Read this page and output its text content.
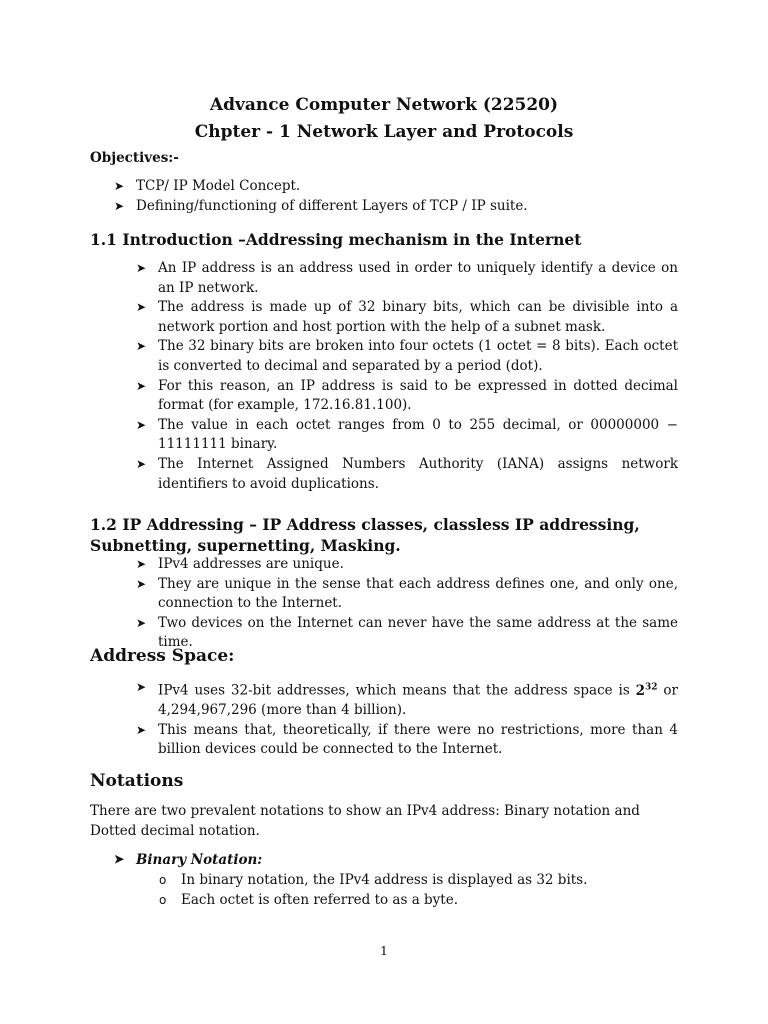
Advance Computer Network (22520)
Chpter - 1 Network Layer and Protocols
Objectives:-
➤ TCP/ IP Model Concept.
➤ Defining/functioning of different Layers of TCP / IP suite.
1.1 Introduction –Addressing mechanism in the Internet
➤ An IP address is an address used in order to uniquely identify a device on an IP network.
➤ The address is made up of 32 binary bits, which can be divisible into a network portion and host portion with the help of a subnet mask.
➤ The 32 binary bits are broken into four octets (1 octet = 8 bits). Each octet is converted to decimal and separated by a period (dot).
➤ For this reason, an IP address is said to be expressed in dotted decimal format (for example, 172.16.81.100).
➤ The value in each octet ranges from 0 to 255 decimal, or 00000000 − 11111111 binary.
➤ The Internet Assigned Numbers Authority (IANA) assigns network identifiers to avoid duplications.
1.2 IP Addressing – IP Address classes, classless IP addressing, Subnetting, supernetting, Masking.
➤ IPv4 addresses are unique.
➤ They are unique in the sense that each address defines one, and only one, connection to the Internet.
➤ Two devices on the Internet can never have the same address at the same time.
Address Space:
➤ IPv4 uses 32-bit addresses, which means that the address space is $2^{32}$ or 4,294,967,296 (more than 4 billion).
➤ This means that, theoretically, if there were no restrictions, more than 4 billion devices could be connected to the Internet.
Notations

There are two prevalent notations to show an IPv4 address: Binary notation and Dotted decimal notation.

➤ Binary Notation:
o In binary notation, the IPv4 address is displayed as 32 bits.
o Each octet is often referred to as a byte.
1
